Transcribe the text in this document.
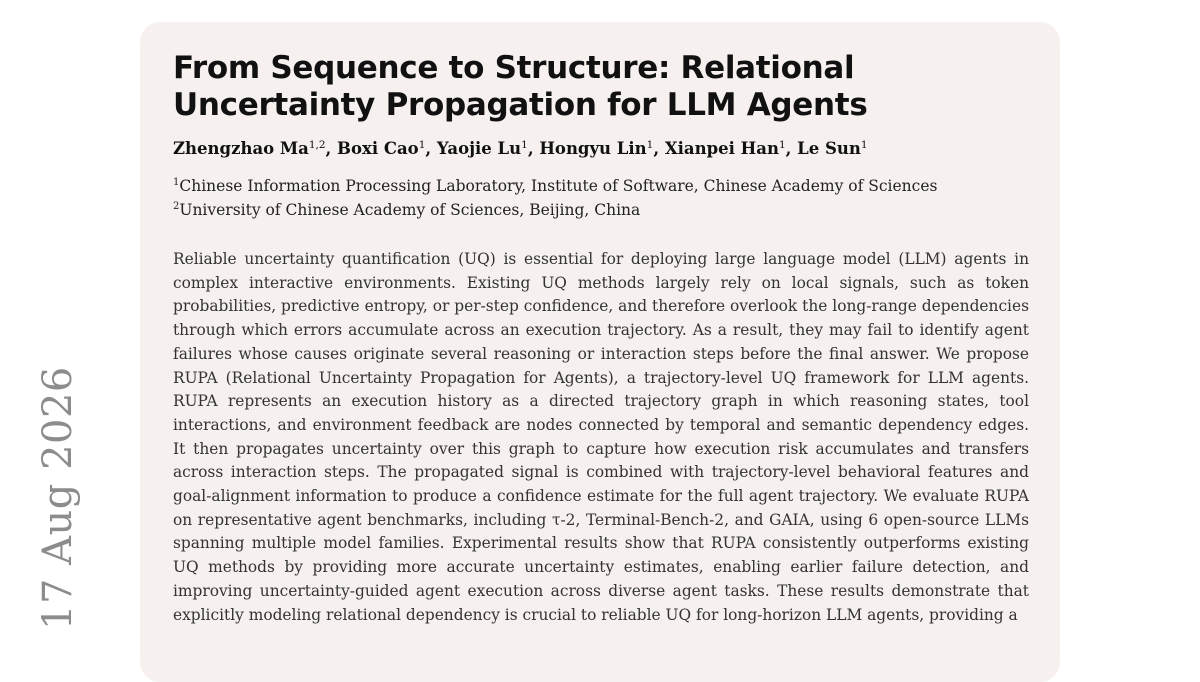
17 Aug 2026
From Sequence to Structure: Relational Uncertainty Propagation for LLM Agents
Zhengzhao Ma$^{1,2}$, Boxi Cao$^1$, Yaojie Lu$^1$, Hongyu Lin$^1$, Xianpei Han$^1$, Le Sun$^1$
$^1$Chinese Information Processing Laboratory, Institute of Software, Chinese Academy of Sciences
$^2$University of Chinese Academy of Sciences, Beijing, China

Reliable uncertainty quantification (UQ) is essential for deploying large language model (LLM) agents in complex interactive environments. Existing UQ methods largely rely on local signals, such as token probabilities, predictive entropy, or per-step confidence, and therefore overlook the long-range dependencies through which errors accumulate across an execution trajectory. As a result, they may fail to identify agent failures whose causes originate several reasoning or interaction steps before the final answer. We propose RUPA (Relational Uncertainty Propagation for Agents), a trajectory-level UQ framework for LLM agents. RUPA represents an execution history as a directed trajectory graph in which reasoning states, tool interactions, and environment feedback are nodes connected by temporal and semantic dependency edges. It then propagates uncertainty over this graph to capture how execution risk accumulates and transfers across interaction steps. The propagated signal is combined with trajectory-level behavioral features and goal-alignment information to produce a confidence estimate for the full agent trajectory. We evaluate RUPA on representative agent benchmarks, including τ-2, Terminal-Bench-2, and GAIA, using 6 open-source LLMs spanning multiple model families. Experimental results show that RUPA consistently outperforms existing UQ methods by providing more accurate uncertainty estimates, enabling earlier failure detection, and improving uncertainty-guided agent execution across diverse agent tasks. These results demonstrate that explicitly modeling relational dependency is crucial to reliable UQ for long-horizon LLM agents, providing a
